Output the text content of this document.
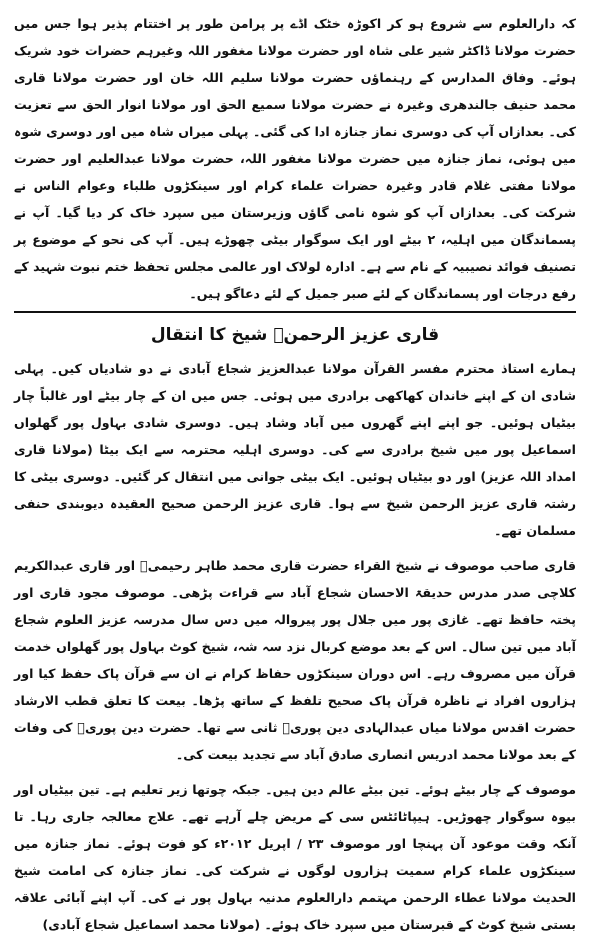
کہ دارالعلوم سے شروع ہو کر اکوڑہ خٹک اڈے پر پرامن طور پر اختتام پذیر ہوا جس میں حضرت مولانا ڈاکٹر شیر علی شاہ اور حضرت مولانا مغفور اللہ وغیرہم حضرات خود شریک ہوئے۔ وفاق المدارس کے رہنماؤں حضرت مولانا سلیم اللہ خان اور حضرت مولانا قاری محمد حنیف جالندھری وغیرہ نے حضرت مولانا سمیع الحق اور مولانا انوار الحق سے تعزیت کی۔ بعدازاں آپ کی دوسری نماز جنازہ ادا کی گئی۔ پہلی میراں شاہ میں اور دوسری شوہ میں ہوئی، نماز جنازہ میں حضرت مولانا مغفور اللہ، حضرت مولانا عبدالعلیم اور حضرت مولانا مفتی غلام قادر وغیرہ حضرات علماء کرام اور سینکڑوں طلباء وعوام الناس نے شرکت کی۔ بعدازاں آپ کو شوہ نامی گاؤں وزیرستان میں سپرد خاک کر دیا گیا۔ آپ نے پسماندگان میں اہلیہ، ۲ بیٹے اور ایک سوگوار بیٹی چھوڑے ہیں۔ آپ کی نحو کے موضوع پر تصنیف فوائد نصیبیہ کے نام سے ہے۔ ادارہ لولاک اور عالمی مجلس تحفظ ختم نبوت شہید کے رفع درجات اور پسماندگان کے لئے صبر جمیل کے لئے دعاگو ہیں۔

قاری عزیز الرحمنؒ شیخ کا انتقال

ہمارے استاذ محترم مفسر القرآن مولانا عبدالعزیز شجاع آبادی نے دو شادیاں کیں۔ پہلی شادی ان کے اپنے خاندان کھاکھی برادری میں ہوئی۔ جس میں ان کے چار بیٹے اور غالباً چار بیٹیاں ہوئیں۔ جو اپنے اپنے گھروں میں آباد وشاد ہیں۔ دوسری شادی بہاول پور گھلواں اسماعیل پور میں شیخ برادری سے کی۔ دوسری اہلیہ محترمہ سے ایک بیٹا (مولانا قاری امداد اللہ عزیز) اور دو بیٹیاں ہوئیں۔ ایک بیٹی جوانی میں انتقال کر گئیں۔ دوسری بیٹی کا رشتہ قاری عزیز الرحمن شیخ سے ہوا۔ قاری عزیز الرحمن صحیح العقیدہ دیوبندی حنفی مسلمان تھے۔

قاری صاحب موصوف نے شیخ القراء حضرت قاری محمد طاہر رحیمیؒ اور قاری عبدالکریم کلاچی صدر مدرس حدیقۃ الاحسان شجاع آباد سے قراءت پڑھی۔ موصوف مجود قاری اور پختہ حافظ تھے۔ غازی پور میں جلال پور پیروالہ میں دس سال مدرسہ عزیز العلوم شجاع آباد میں تین سال۔ اس کے بعد موضع کربال نزد سہ شہ، شیخ کوٹ بہاول پور گھلواں خدمت قرآن میں مصروف رہے۔ اس دوران سینکڑوں حفاظ کرام نے ان سے قرآن پاک حفظ کیا اور ہزاروں افراد نے ناظرہ قرآن پاک صحیح تلفظ کے ساتھ پڑھا۔ بیعت کا تعلق قطب الارشاد حضرت اقدس مولانا میاں عبدالہادی دین پوریؒ ثانی سے تھا۔ حضرت دین پوریؒ کی وفات کے بعد مولانا محمد ادریس انصاری صادق آباد سے تجدید بیعت کی۔

موصوف کے چار بیٹے ہوئے۔ تین بیٹے عالم دین ہیں۔ جبکہ چوتھا زیر تعلیم ہے۔ تین بیٹیاں اور بیوہ سوگوار چھوڑیں۔ ہیپاٹائٹس سی کے مریض چلے آرہے تھے۔ علاج معالجہ جاری رہا۔ تا آنکہ وقت موعود آن پہنچا اور موصوف ۲۳ / اپریل ۲۰۱۲ء کو فوت ہوئے۔ نماز جنازہ میں سینکڑوں علماء کرام سمیت ہزاروں لوگوں نے شرکت کی۔ نماز جنازہ کی امامت شیخ الحدیث مولانا عطاء الرحمن مہتمم دارالعلوم مدنیہ بہاول پور نے کی۔ آپ اپنے آبائی علاقہ بستی شیخ کوٹ کے قبرستان میں سپرد خاک ہوئے۔ (مولانا محمد اسماعیل شجاع آبادی)
